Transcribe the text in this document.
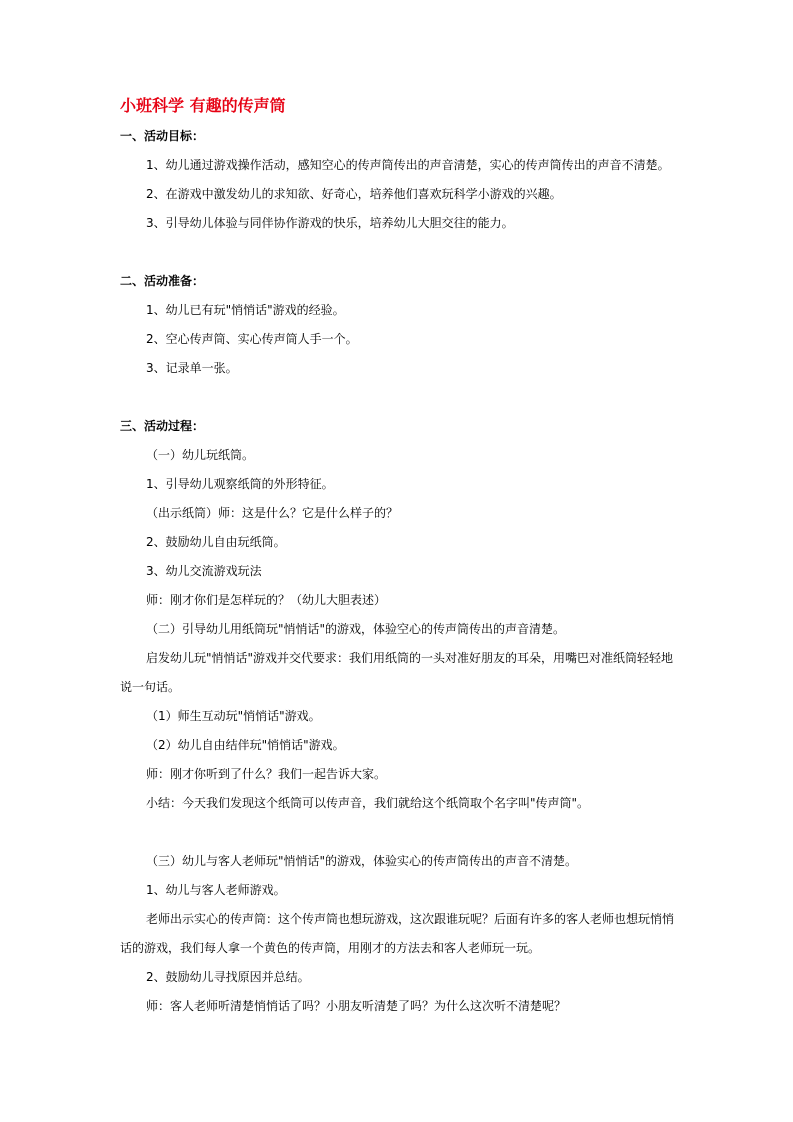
小班科学 有趣的传声筒
一、活动目标：

1、幼儿通过游戏操作活动，感知空心的传声筒传出的声音清楚，实心的传声筒传出的声音不清楚。

2、在游戏中激发幼儿的求知欲、好奇心，培养他们喜欢玩科学小游戏的兴趣。

3、引导幼儿体验与同伴协作游戏的快乐，培养幼儿大胆交往的能力。

二、活动准备：

1、幼儿已有玩"悄悄话"游戏的经验。

2、空心传声筒、实心传声筒人手一个。

3、记录单一张。

三、活动过程：

（一）幼儿玩纸筒。

1、引导幼儿观察纸筒的外形特征。

（出示纸筒）师：这是什么？它是什么样子的？

2、鼓励幼儿自由玩纸筒。

3、幼儿交流游戏玩法

师：刚才你们是怎样玩的？（幼儿大胆表述）

（二）引导幼儿用纸筒玩"悄悄话"的游戏，体验空心的传声筒传出的声音清楚。

启发幼儿玩"悄悄话"游戏并交代要求：我们用纸筒的一头对准好朋友的耳朵，用嘴巴对准纸筒轻轻地说一句话。

（1）师生互动玩"悄悄话"游戏。

（2）幼儿自由结伴玩"悄悄话"游戏。

师：刚才你听到了什么？我们一起告诉大家。

小结：今天我们发现这个纸筒可以传声音，我们就给这个纸筒取个名字叫"传声筒"。

（三）幼儿与客人老师玩"悄悄话"的游戏，体验实心的传声筒传出的声音不清楚。

1、幼儿与客人老师游戏。

老师出示实心的传声筒：这个传声筒也想玩游戏，这次跟谁玩呢？后面有许多的客人老师也想玩悄悄话的游戏，我们每人拿一个黄色的传声筒，用刚才的方法去和客人老师玩一玩。

2、鼓励幼儿寻找原因并总结。

师：客人老师听清楚悄悄话了吗？小朋友听清楚了吗？为什么这次听不清楚呢？
